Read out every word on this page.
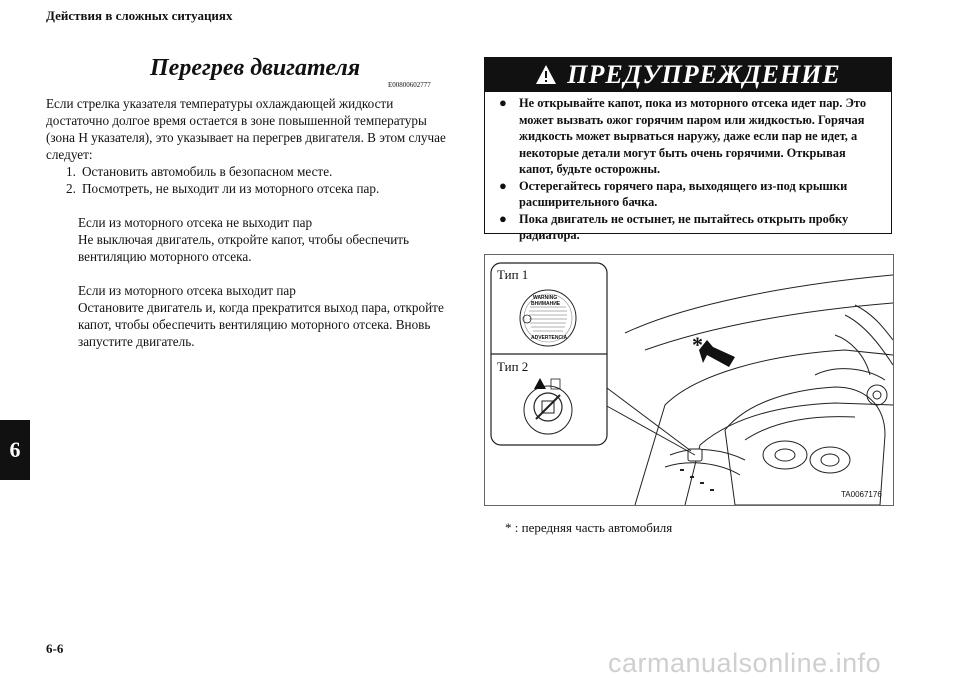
Действия в сложных ситуациях
6
Перегрев двигателя
E00800602777

Если стрелка указателя температуры охлаждающей жидкости достаточно долгое время остается в зоне повышенной температуры (зона H указателя), это указывает на перегрев двигателя. В этом случае следует:

1. Остановить автомобиль в безопасном месте.
2. Посмотреть, не выходит ли из моторного отсека пар.

Если из моторного отсека не выходит пар

Не выключая двигатель, откройте капот, чтобы обеспечить вентиляцию моторного отсека.

Если из моторного отсека выходит пар

Остановите двигатель и, когда прекратится выход пара, откройте капот, чтобы обеспечить вентиляцию моторного отсека. Вновь запустите двигатель.

ПРЕДУПРЕЖДЕНИЕ
● Не открывайте капот, пока из моторного отсека идет пар. Это может вызвать ожог горячим паром или жидкостью. Горячая жидкость может вырваться наружу, даже если пар не идет, а некоторые детали могут быть очень горячими. Открывая капот, будьте осторожны.
● Остерегайтесь горячего пара, выходящего из-под крышки расширительного бачка.
● Пока двигатель не остынет, не пытайтесь открыть пробку радиатора.
Тип 1
Тип 2
WARNING
ВНИМАНИЕ
ADVERTENCIA	*
TA0067176
* : передняя часть автомобиля
6-6	carmanualsonline.info
